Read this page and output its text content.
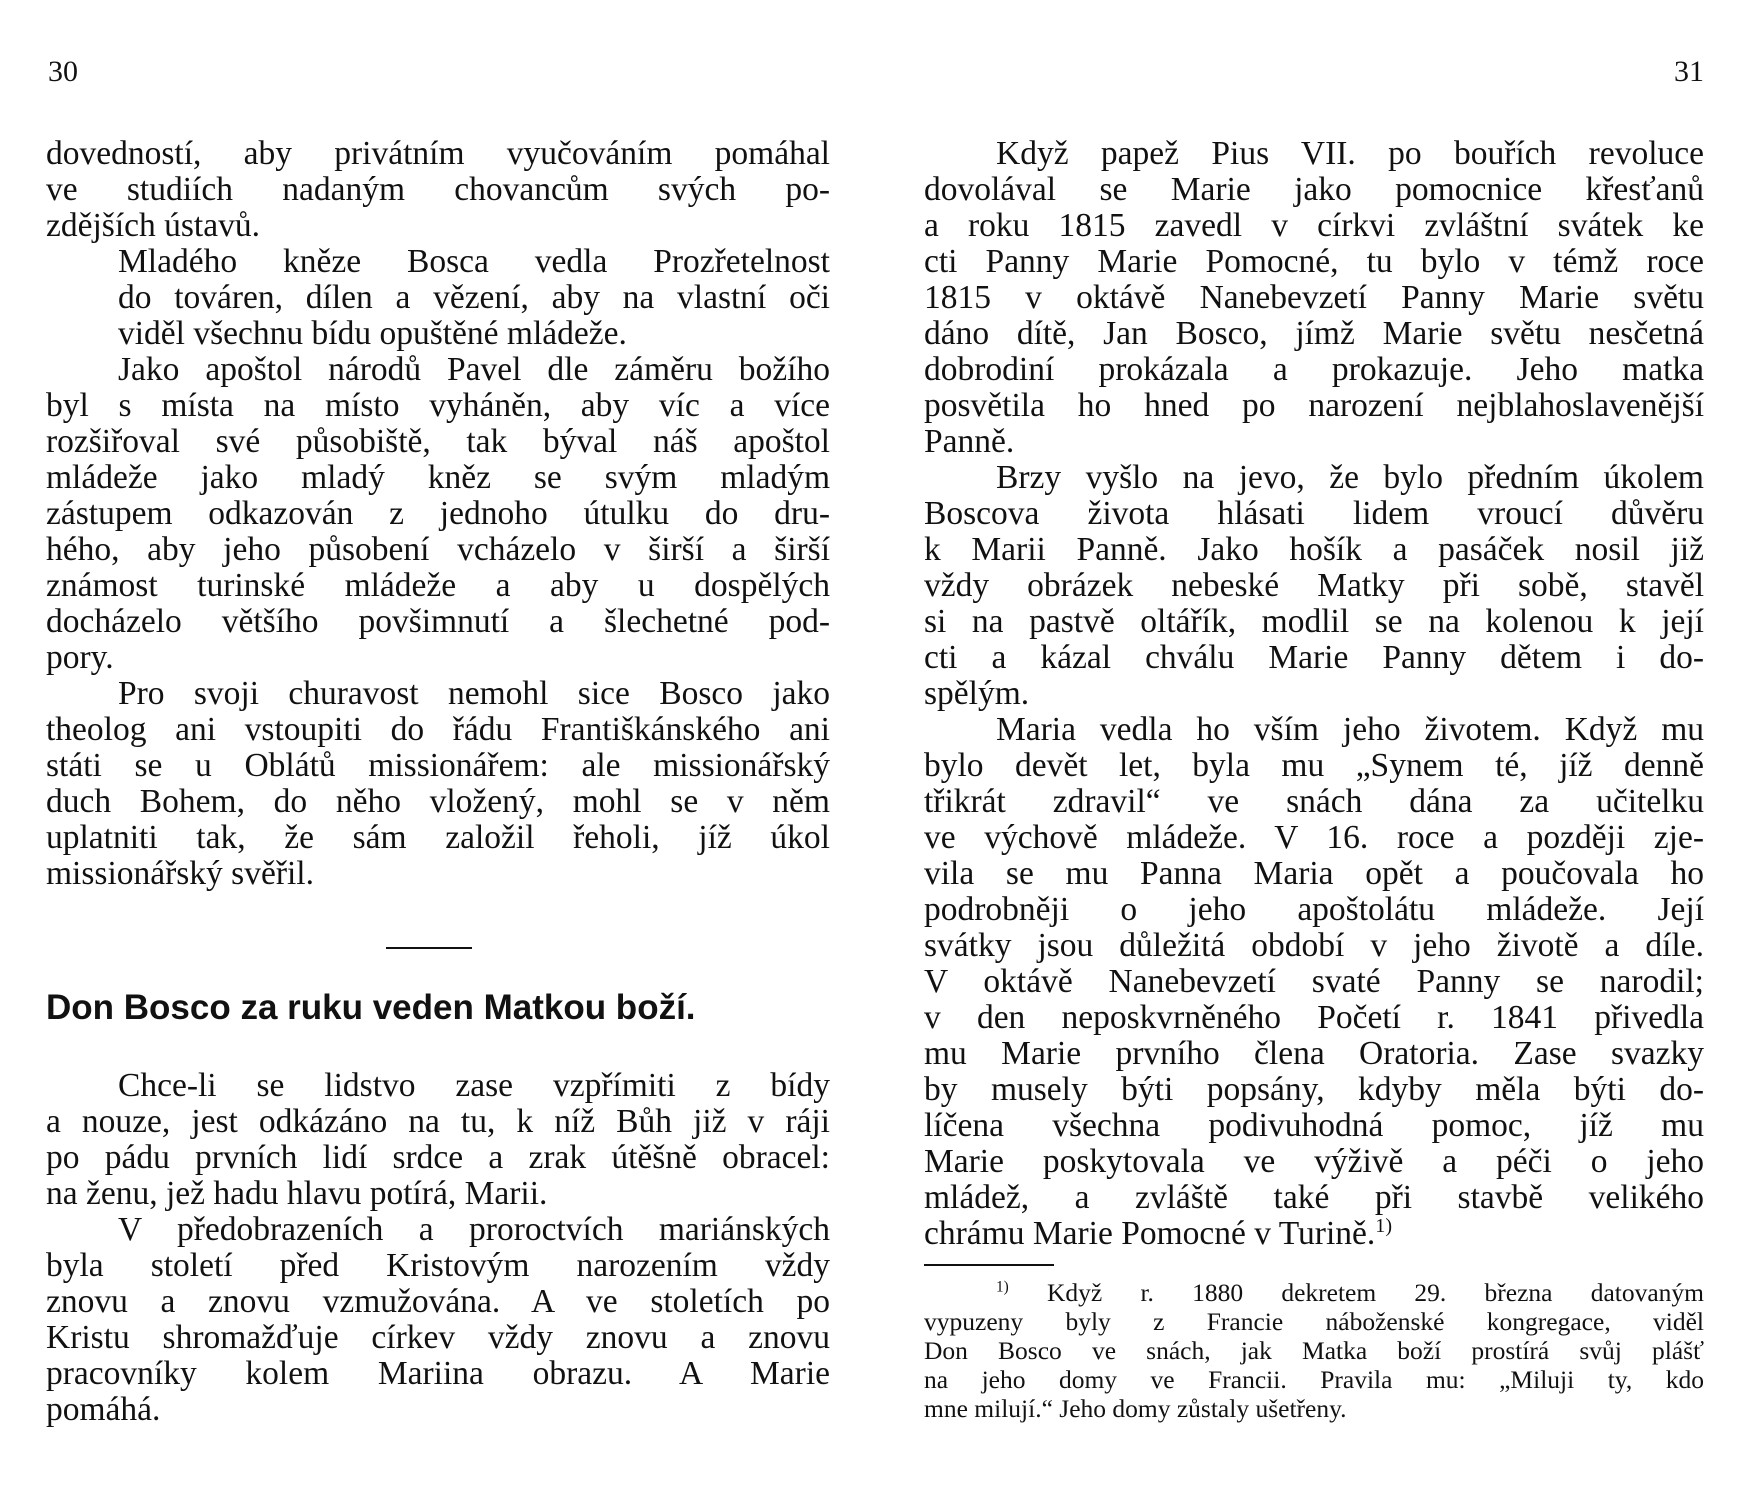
30

dovedností, aby privátním vyučováním pomáhal
ve studiích nadaným chovancům svých po-
zdějších ústavů.

Mladého kněze Bosca vedla Prozřetelnost
do továren, dílen a vězení, aby na vlastní oči
viděl všechnu bídu opuštěné mládeže.

Jako apoštol národů Pavel dle záměru božího
byl s místa na místo vyháněn, aby víc a více
rozšiřoval své působiště, tak býval náš apoštol
mládeže jako mladý kněz se svým mladým
zástupem odkazován z jednoho útulku do dru-
hého, aby jeho působení vcházelo v širší a širší
známost turinské mládeže a aby u dospělých
docházelo většího povšimnutí a šlechetné pod-
pory.

Pro svoji churavost nemohl sice Bosco jako
theolog ani vstoupiti do řádu Františkánského ani
státi se u Oblátů missionářem: ale missionářský
duch Bohem, do něho vložený, mohl se v něm
uplatniti tak, že sám založil řeholi, jíž úkol
missionářský svěřil.

Don Bosco za ruku veden Matkou boží.

Chce-li se lidstvo zase vzpřímiti z bídy
a nouze, jest odkázáno na tu, k níž Bůh již v ráji
po pádu prvních lidí srdce a zrak útěšně obracel:
na ženu, jež hadu hlavu potírá, Marii.

V předobrazeních a proroctvích mariánských
byla století před Kristovým narozením vždy
znovu a znovu vzmužována. A ve stoletích po
Kristu shromažďuje církev vždy znovu a znovu
pracovníky kolem Mariina obrazu. A Marie
pomáhá.

31

Když papež Pius VII. po bouřích revoluce
dovolával se Marie jako pomocnice křesťanů
a roku 1815 zavedl v církvi zvláštní svátek ke
cti Panny Marie Pomocné, tu bylo v témž roce
1815 v oktávě Nanebevzetí Panny Marie světu
dáno dítě, Jan Bosco, jímž Marie světu nesčetná
dobrodiní prokázala a prokazuje. Jeho matka
posvětila ho hned po narození nejblahoslavenější
Panně.

Brzy vyšlo na jevo, že bylo předním úkolem
Boscova života hlásati lidem vroucí důvěru
k Marii Panně. Jako hošík a pasáček nosil již
vždy obrázek nebeské Matky při sobě, stavěl
si na pastvě oltářík, modlil se na kolenou k její
cti a kázal chválu Marie Panny dětem i do-
spělým.

Maria vedla ho vším jeho životem. Když mu
bylo devět let, byla mu „Synem té, jíž denně
třikrát zdravil“ ve snách dána za učitelku
ve výchově mládeže. V 16. roce a později zje-
vila se mu Panna Maria opět a poučovala ho
podrobněji o jeho apoštolátu mládeže. Její
svátky jsou důležitá období v jeho životě a díle.
V oktávě Nanebevzetí svaté Panny se narodil;
v den neposkvrněného Početí r. 1841 přivedla
mu Marie prvního člena Oratoria. Zase svazky
by musely býti popsány, kdyby měla býti do-
líčena všechna podivuhodná pomoc, jíž mu
Marie poskytovala ve výživě a péči o jeho
mládež, a zvláště také při stavbě velikého
chrámu Marie Pomocné v Turině.$^{1)}$

$^{1)}$ Když r. 1880 dekretem 29. března datovaným
vypuzeny byly z Francie náboženské kongregace, viděl
Don Bosco ve snách, jak Matka boží prostírá svůj plášť
na jeho domy ve Francii. Pravila mu: „Miluji ty, kdo
mne milují.“ Jeho domy zůstaly ušetřeny.
